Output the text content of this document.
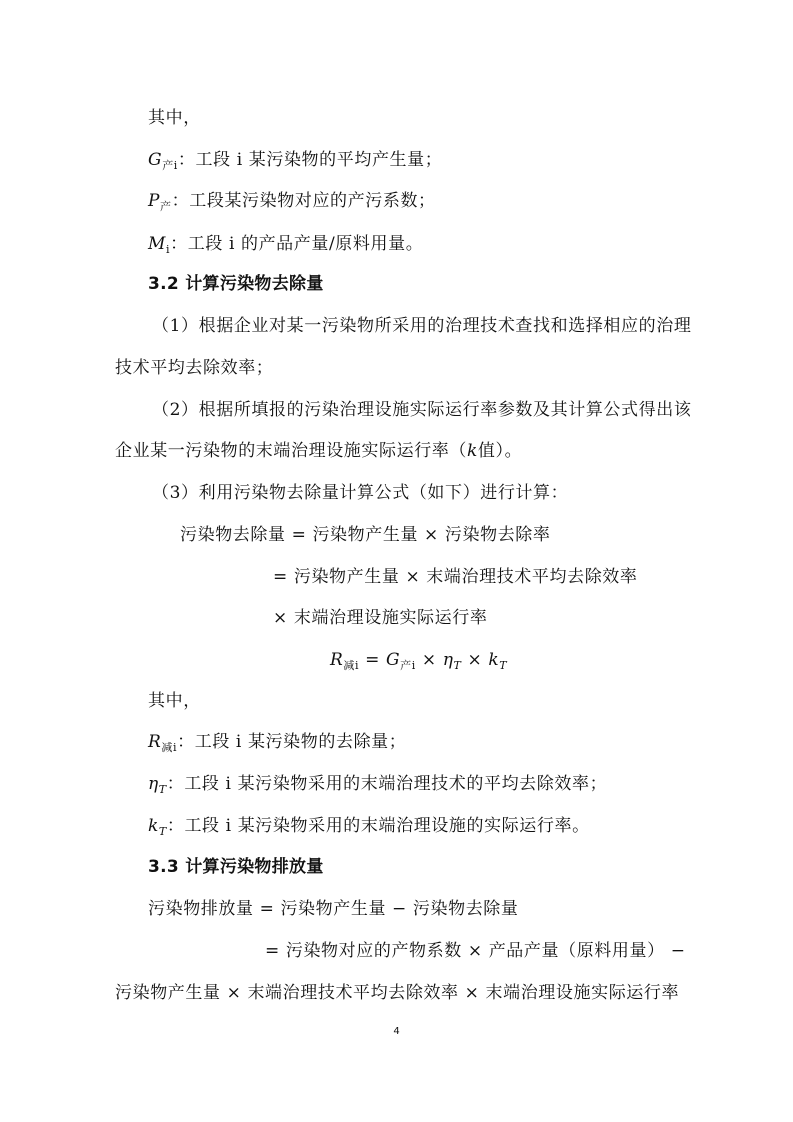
其中，
$G_{产i}$：工段 i 某污染物的平均产生量；
$P_产$：工段某污染物对应的产污系数；
$M_i$：工段 i 的产品产量/原料用量。
3.2 计算污染物去除量
（1）根据企业对某一污染物所采用的治理技术查找和选择相应的治理
技术平均去除效率；
（2）根据所填报的污染治理设施实际运行率参数及其计算公式得出该
企业某一污染物的末端治理设施实际运行率（k值）。
（3）利用污染物去除量计算公式（如下）进行计算：
污染物去除量 = 污染物产生量 × 污染物去除率
= 污染物产生量 × 末端治理技术平均去除效率
× 末端治理设施实际运行率
$R_{减i} = G_{产i} \times \eta_T \times k_T$
其中，
$R_{减i}$：工段 i 某污染物的去除量；
$\eta_T$：工段 i 某污染物采用的末端治理技术的平均去除效率；
$k_T$：工段 i 某污染物采用的末端治理设施的实际运行率。
3.3 计算污染物排放量
污染物排放量 = 污染物产生量 − 污染物去除量
= 污染物对应的产物系数 × 产品产量（原料用量） −
污染物产生量 × 末端治理技术平均去除效率 × 末端治理设施实际运行率
4
